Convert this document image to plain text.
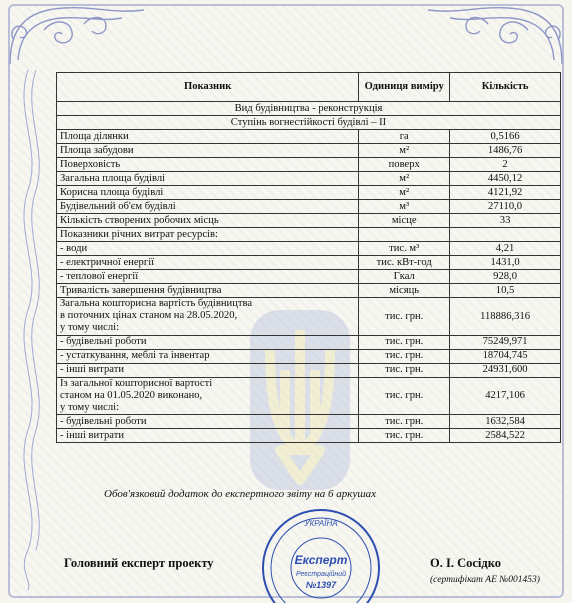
Показник	Одиниця виміру	Кількість
Вид будівництва - реконструкція		
Ступінь вогнестійкості будівлі – ІІ		
Площа ділянки	га	0,5166
Площа забудови	м²	1486,76
Поверховість	поверх	2
Загальна площа будівлі	м²	4450,12
Корисна площа будівлі	м²	4121,92
Будівельний об'єм будівлі	м³	27110,0
Кількість створених робочих місць	місце	33
Показники річних витрат ресурсів:		
- води	тис. м³	4,21
- електричної енергії	тис. кВт-год	1431,0
- теплової енергії	Гкал	928,0
Тривалість завершення будівництва	місяць	10,5
Загальна кошторисна вартість будівництва
в поточних цінах станом на 28.05.2020,
у тому числі:	тис. грн.	118886,316
- будівельні роботи	тис. грн.	75249,971
- устаткування, меблі та інвентар	тис. грн.	18704,745
- інші витрати	тис. грн.	24931,600
Із загальної кошторисної вартості
станом на 01.05.2020 виконано,
у тому числі:	тис. грн.	4217,106
- будівельні роботи	тис. грн.	1632,584
- інші витрати	тис. грн.	2584,522
Обов'язковий додаток до експертного звіту на 6 аркушах
УКРАЇНА
Експерт
Реєстраційний
№1397
Головний експерт проекту	О. І. Сосідко
(сертифікат АЕ №001453)
